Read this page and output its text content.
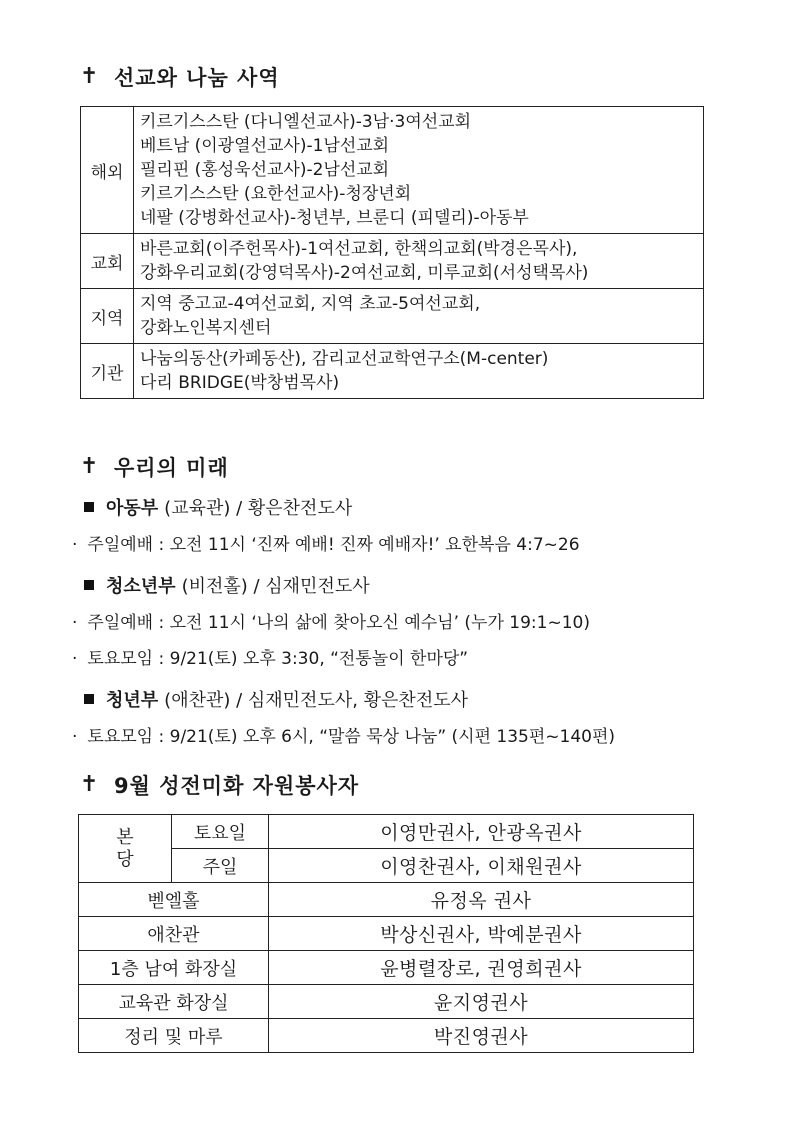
✝ 선교와 나눔 사역
해외	키르기스스탄 (다니엘선교사)-3남·3여선교회
베트남 (이광열선교사)-1남선교회
필리핀 (홍성욱선교사)-2남선교회
키르기스스탄 (요한선교사)-청장년회
네팔 (강병화선교사)-청년부, 브룬디 (피델리)-아동부

교회	바른교회(이주헌목사)-1여선교회, 한책의교회(박경은목사),
강화우리교회(강영덕목사)-2여선교회, 미루교회(서성택목사)

지역	지역 중고교-4여선교회, 지역 초교-5여선교회,
강화노인복지센터

기관	나눔의동산(카페동산), 감리교선교학연구소(M-center)
다리 BRIDGE(박창범목사)
✝ 우리의 미래
아동부 (교육관) / 황은찬전도사
· 주일예배 : 오전 11시 ‘진짜 예배! 진짜 예배자!’ 요한복음 4:7~26
청소년부 (비전홀) / 심재민전도사
· 주일예배 : 오전 11시 ‘나의 삶에 찾아오신 예수님’ (누가 19:1~10)
· 토요모임 : 9/21(토) 오후 3:30, “전통놀이 한마당”
청년부 (애찬관) / 심재민전도사, 황은찬전도사
· 토요모임 : 9/21(토) 오후 6시, “말씀 묵상 나눔” (시편 135편~140편)
✝ 9월 성전미화 자원봉사자
본
당	토요일	이영만권사, 안광옥권사
	주일	이영찬권사, 이채원권사
벧엘홀		유정옥 권사
애찬관		박상신권사, 박예분권사
1층 남여 화장실		윤병렬장로, 권영희권사
교육관 화장실		윤지영권사
정리 및 마루		박진영권사
